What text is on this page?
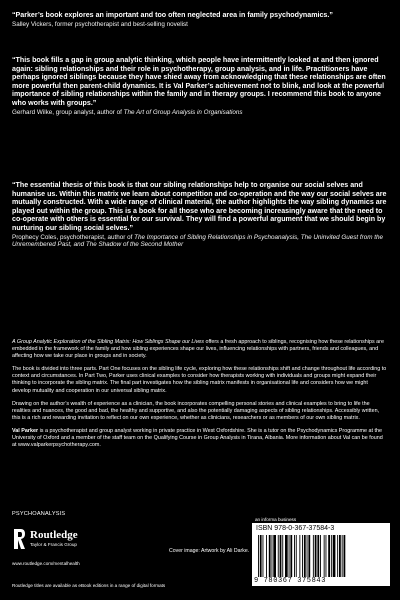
“Parker’s book explores an important and too often neglected area in family psychodynamics.”

Salley Vickers, former psychotherapist and best-selling novelist

“This book fills a gap in group analytic thinking, which people have intermittently looked at and then ignored again: sibling relationships and their role in psychotherapy, group analysis, and in life. Practitioners have perhaps ignored siblings because they have shied away from acknowledging that these relationships are often more powerful then parent-child dynamics. It is Val Parker’s achievement not to blink, and look at the powerful importance of sibling relationships within the family and in therapy groups. I recommend this book to anyone who works with groups.”

Gerhard Wilke, group analyst, author of The Art of Group Analysis in Organisations

“The essential thesis of this book is that our sibling relationships help to organise our social selves and humanise us. Within this matrix we learn about competition and co-operation and the way our social selves are mutually constructed. With a wide range of clinical material, the author highlights the way sibling dynamics are played out within the group. This is a book for all those who are becoming increasingly aware that the need to co-operate with others is essential for our survival. They will find a powerful argument that we should begin by nurturing our sibling social selves.”

Prophecy Coles, psychotherapist, author of The Importance of Sibling Relationships in Psychoanalysis, The Uninvited Guest from the Unremembered Past, and The Shadow of the Second Mother

A Group Analytic Exploration of the Sibling Matrix: How Siblings Shape our Lives offers a fresh approach to siblings, recognising how these relationships are embedded in the framework of the family and how sibling experiences shape our lives, influencing relationships with partners, friends and colleagues, and affecting how we take our place in groups and in society.

The book is divided into three parts. Part One focuses on the sibling life cycle, exploring how these relationships shift and change throughout life according to context and circumstances. In Part Two, Parker uses clinical examples to consider how therapists working with individuals and groups might expand their thinking to incorporate the sibling matrix. The final part investigates how the sibling matrix manifests in organisational life and considers how we might develop mutuality and cooperation in our universal sibling matrix.

Drawing on the author’s wealth of experience as a clinician, the book incorporates compelling personal stories and clinical examples to bring to life the realities and nuances, the good and bad, the healthy and supportive, and also the potentially damaging aspects of sibling relationships. Accessibly written, this is a rich and rewarding invitation to reflect on our own experience, whether as clinicians, researchers or as members of our own sibling matrix.

Val Parker is a psychotherapist and group analyst working in private practice in West Oxfordshire. She is a tutor on the Psychodynamics Programme at the University of Oxford and a member of the staff team on the Qualifying Course in Group Analysis in Tirana, Albania. More information about Val can be found at www.valparkerpsychotherapy.com.

PSYCHOANALYSIS
Routledge
Taylor & Francis Group
www.routledge.com/mentalhealth
Routledge titles are available as eBook editions in a range of digital formats
Cover image: Artwork by Ali Darke.
an informa business
ISBN 978-0-367-37584-3
9 780367 375843
